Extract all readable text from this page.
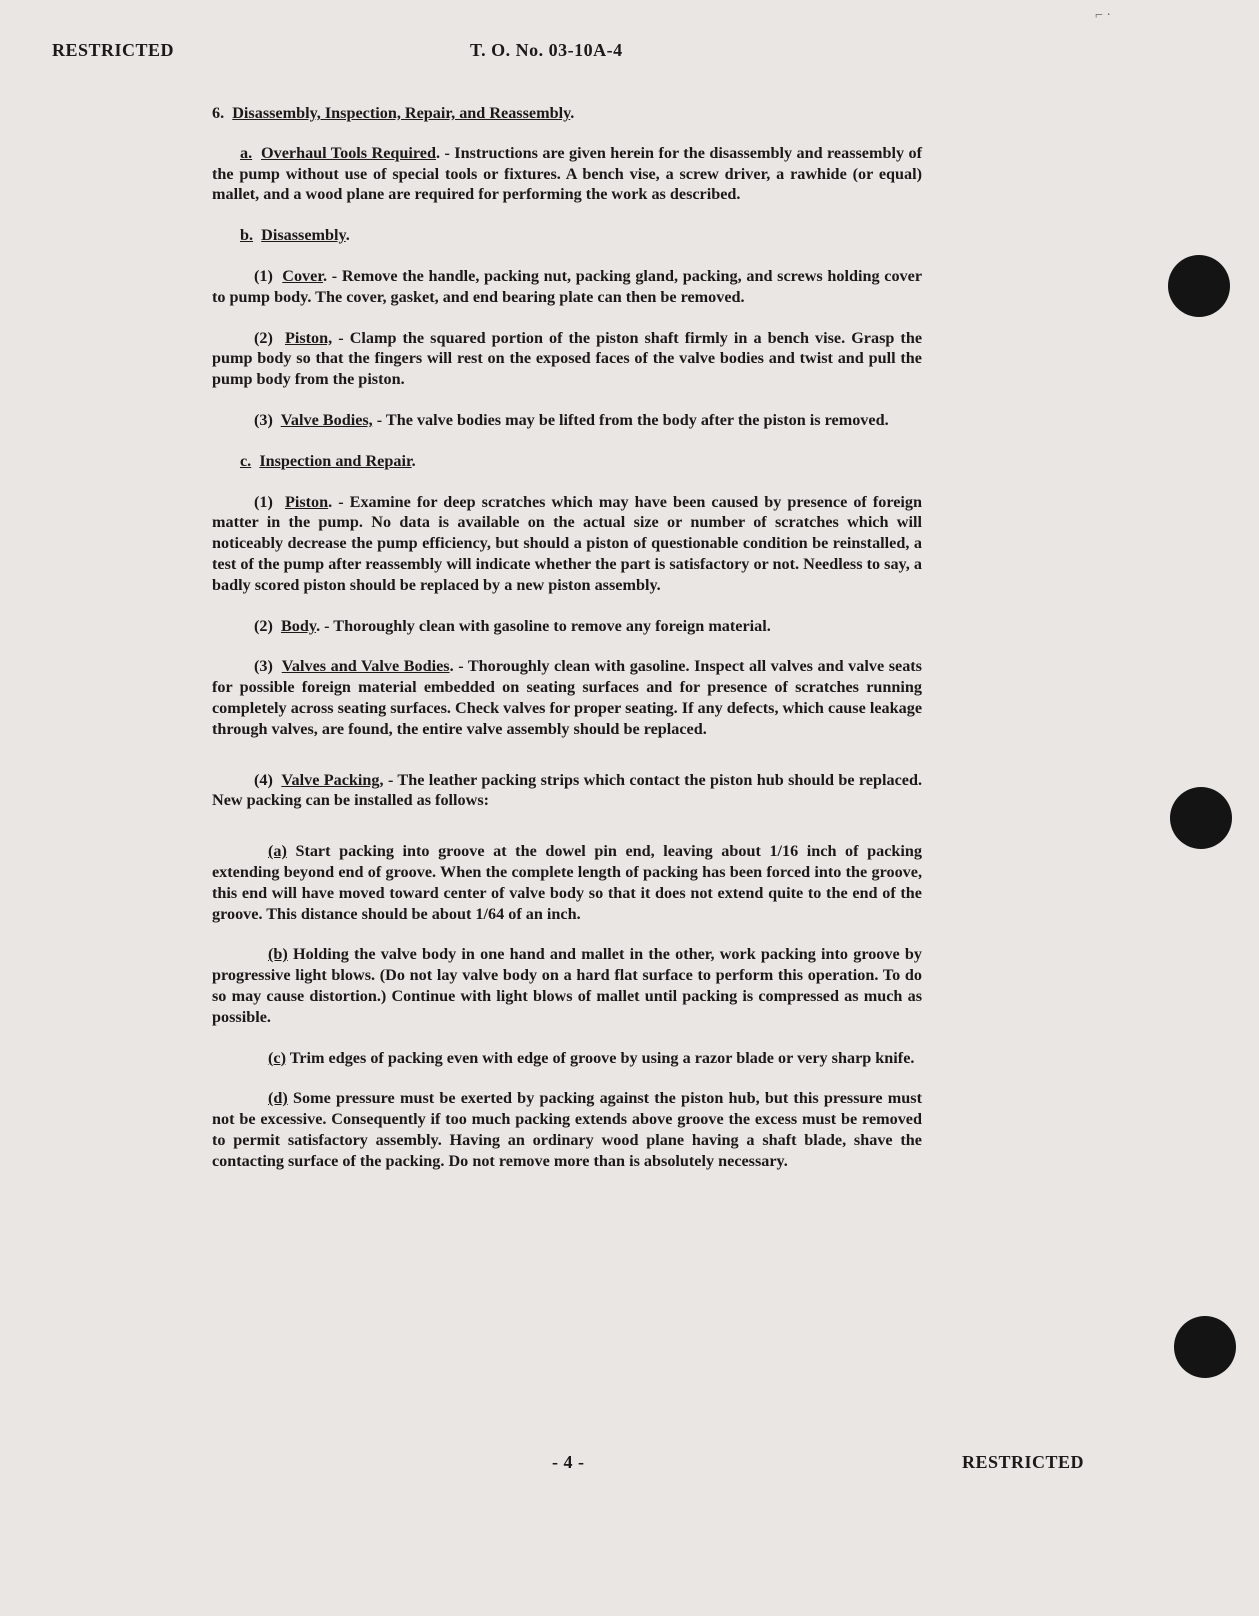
RESTRICTED	T. O. No. 03-10A-4
⌐ ·

6. Disassembly, Inspection, Repair, and Reassembly.

a. Overhaul Tools Required. - Instructions are given herein for the disassembly and reassembly of the pump without use of special tools or fixtures. A bench vise, a screw driver, a rawhide (or equal) mallet, and a wood plane are required for performing the work as described.

b. Disassembly.

(1) Cover. - Remove the handle, packing nut, packing gland, packing, and screws holding cover to pump body. The cover, gasket, and end bearing plate can then be removed.

(2) Piston, - Clamp the squared portion of the piston shaft firmly in a bench vise. Grasp the pump body so that the fingers will rest on the exposed faces of the valve bodies and twist and pull the pump body from the piston.

(3) Valve Bodies, - The valve bodies may be lifted from the body after the piston is removed.

c. Inspection and Repair.

(1) Piston. - Examine for deep scratches which may have been caused by presence of foreign matter in the pump. No data is available on the actual size or number of scratches which will noticeably decrease the pump efficiency, but should a piston of questionable condition be reinstalled, a test of the pump after reassembly will indicate whether the part is satisfactory or not. Needless to say, a badly scored piston should be replaced by a new piston assembly.

(2) Body. - Thoroughly clean with gasoline to remove any foreign material.

(3) Valves and Valve Bodies. - Thoroughly clean with gasoline. Inspect all valves and valve seats for possible foreign material embedded on seating surfaces and for presence of scratches running completely across seating surfaces. Check valves for proper seating. If any defects, which cause leakage through valves, are found, the entire valve assembly should be replaced.

(4) Valve Packing, - The leather packing strips which contact the piston hub should be replaced. New packing can be installed as follows:

(a) Start packing into groove at the dowel pin end, leaving about 1/16 inch of packing extending beyond end of groove. When the complete length of packing has been forced into the groove, this end will have moved toward center of valve body so that it does not extend quite to the end of the groove. This distance should be about 1/64 of an inch.

(b) Holding the valve body in one hand and mallet in the other, work packing into groove by progressive light blows. (Do not lay valve body on a hard flat surface to perform this operation. To do so may cause distortion.) Continue with light blows of mallet until packing is compressed as much as possible.

(c) Trim edges of packing even with edge of groove by using a razor blade or very sharp knife.

(d) Some pressure must be exerted by packing against the piston hub, but this pressure must not be excessive. Consequently if too much packing extends above groove the excess must be removed to permit satisfactory assembly. Having an ordinary wood plane having a shaft blade, shave the contacting surface of the packing. Do not remove more than is absolutely necessary.

- 4 -	RESTRICTED
